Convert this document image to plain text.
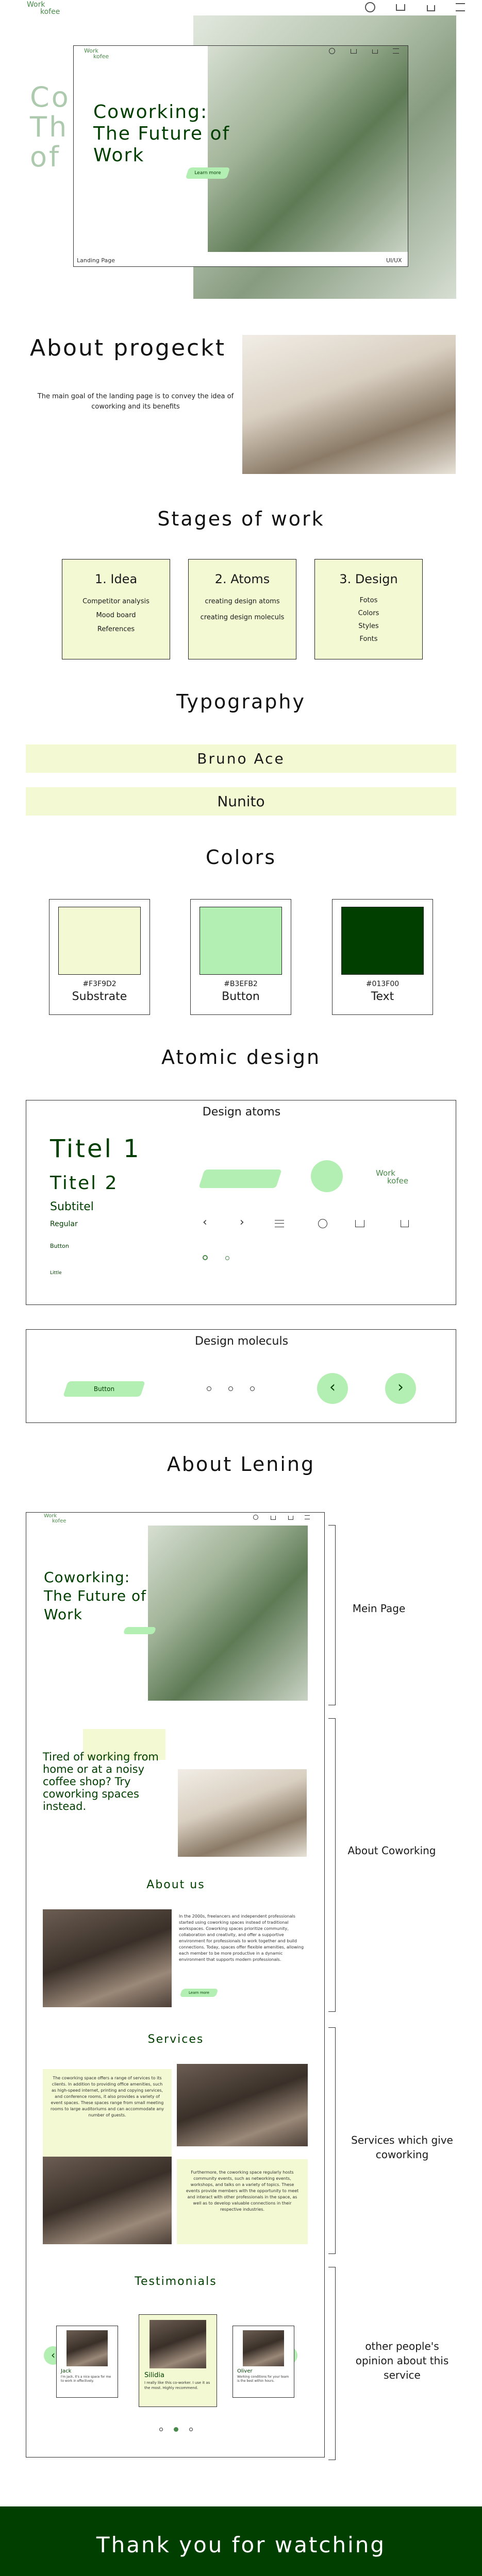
Work
kofee
Co
Th
of
Work
kofee
Coworking: The Future of Work
Learn more
Landing Page	UI/UX
About progeckt
The main goal of the landing page is to convey the idea of coworking and its benefits
Stages of work
1. Idea
Competitor analysis
Mood board
References
2. Atoms
creating design atoms
creating design moleculs
3. Design
Fotos
Colors
Styles
Fonts
Typography
Bruno Ace
Nunito
Colors
#F3F9D2
Substrate
#B3EFB2
Button
#013F00
Text
Atomic design
Design atoms
Titel 1
Titel 2
Subtitel
Regular
Button
Little
Work
kofee
‹	›
Design moleculs
Button	‹	›
About Lening
Work
kofee
Coworking: The Future of Work
Tired of working from home or at a noisy coffee shop? Try coworking spaces instead.
About us
In the 2000s, freelancers and independent professionals started using coworking spaces instead of traditional workspaces. Coworking spaces prioritize community, collaboration and creativity, and offer a supportive environment for professionals to work together and build connections. Today, spaces offer flexible amenities, allowing each member to be more productive in a dynamic environment that supports modern professionals.
Learn more
Services
The coworking space offers a range of services to its clients. In addition to providing office amenities, such as high-speed internet, printing and copying services, and conference rooms, it also provides a variety of event spaces. These spaces range from small meeting rooms to large auditoriums and can accommodate any number of guests.
Furthermore, the coworking space regularly hosts community events, such as networking events, workshops, and talks on a variety of topics. These events provide members with the opportunity to meet and interact with other professionals in the space, as well as to develop valuable connections in their respective industries.
Testimonials
‹
Jack
I'm Jack, it's a nice space for me to work in effectively.
Silidia
I really like this co-worker. I use it as the most. Highly recommend.
Oliver
Working conditions for your team is the best within hours.
Mein Page
About Coworking
Services which give coworking
other people's opinion about this service
Thank you for watching
